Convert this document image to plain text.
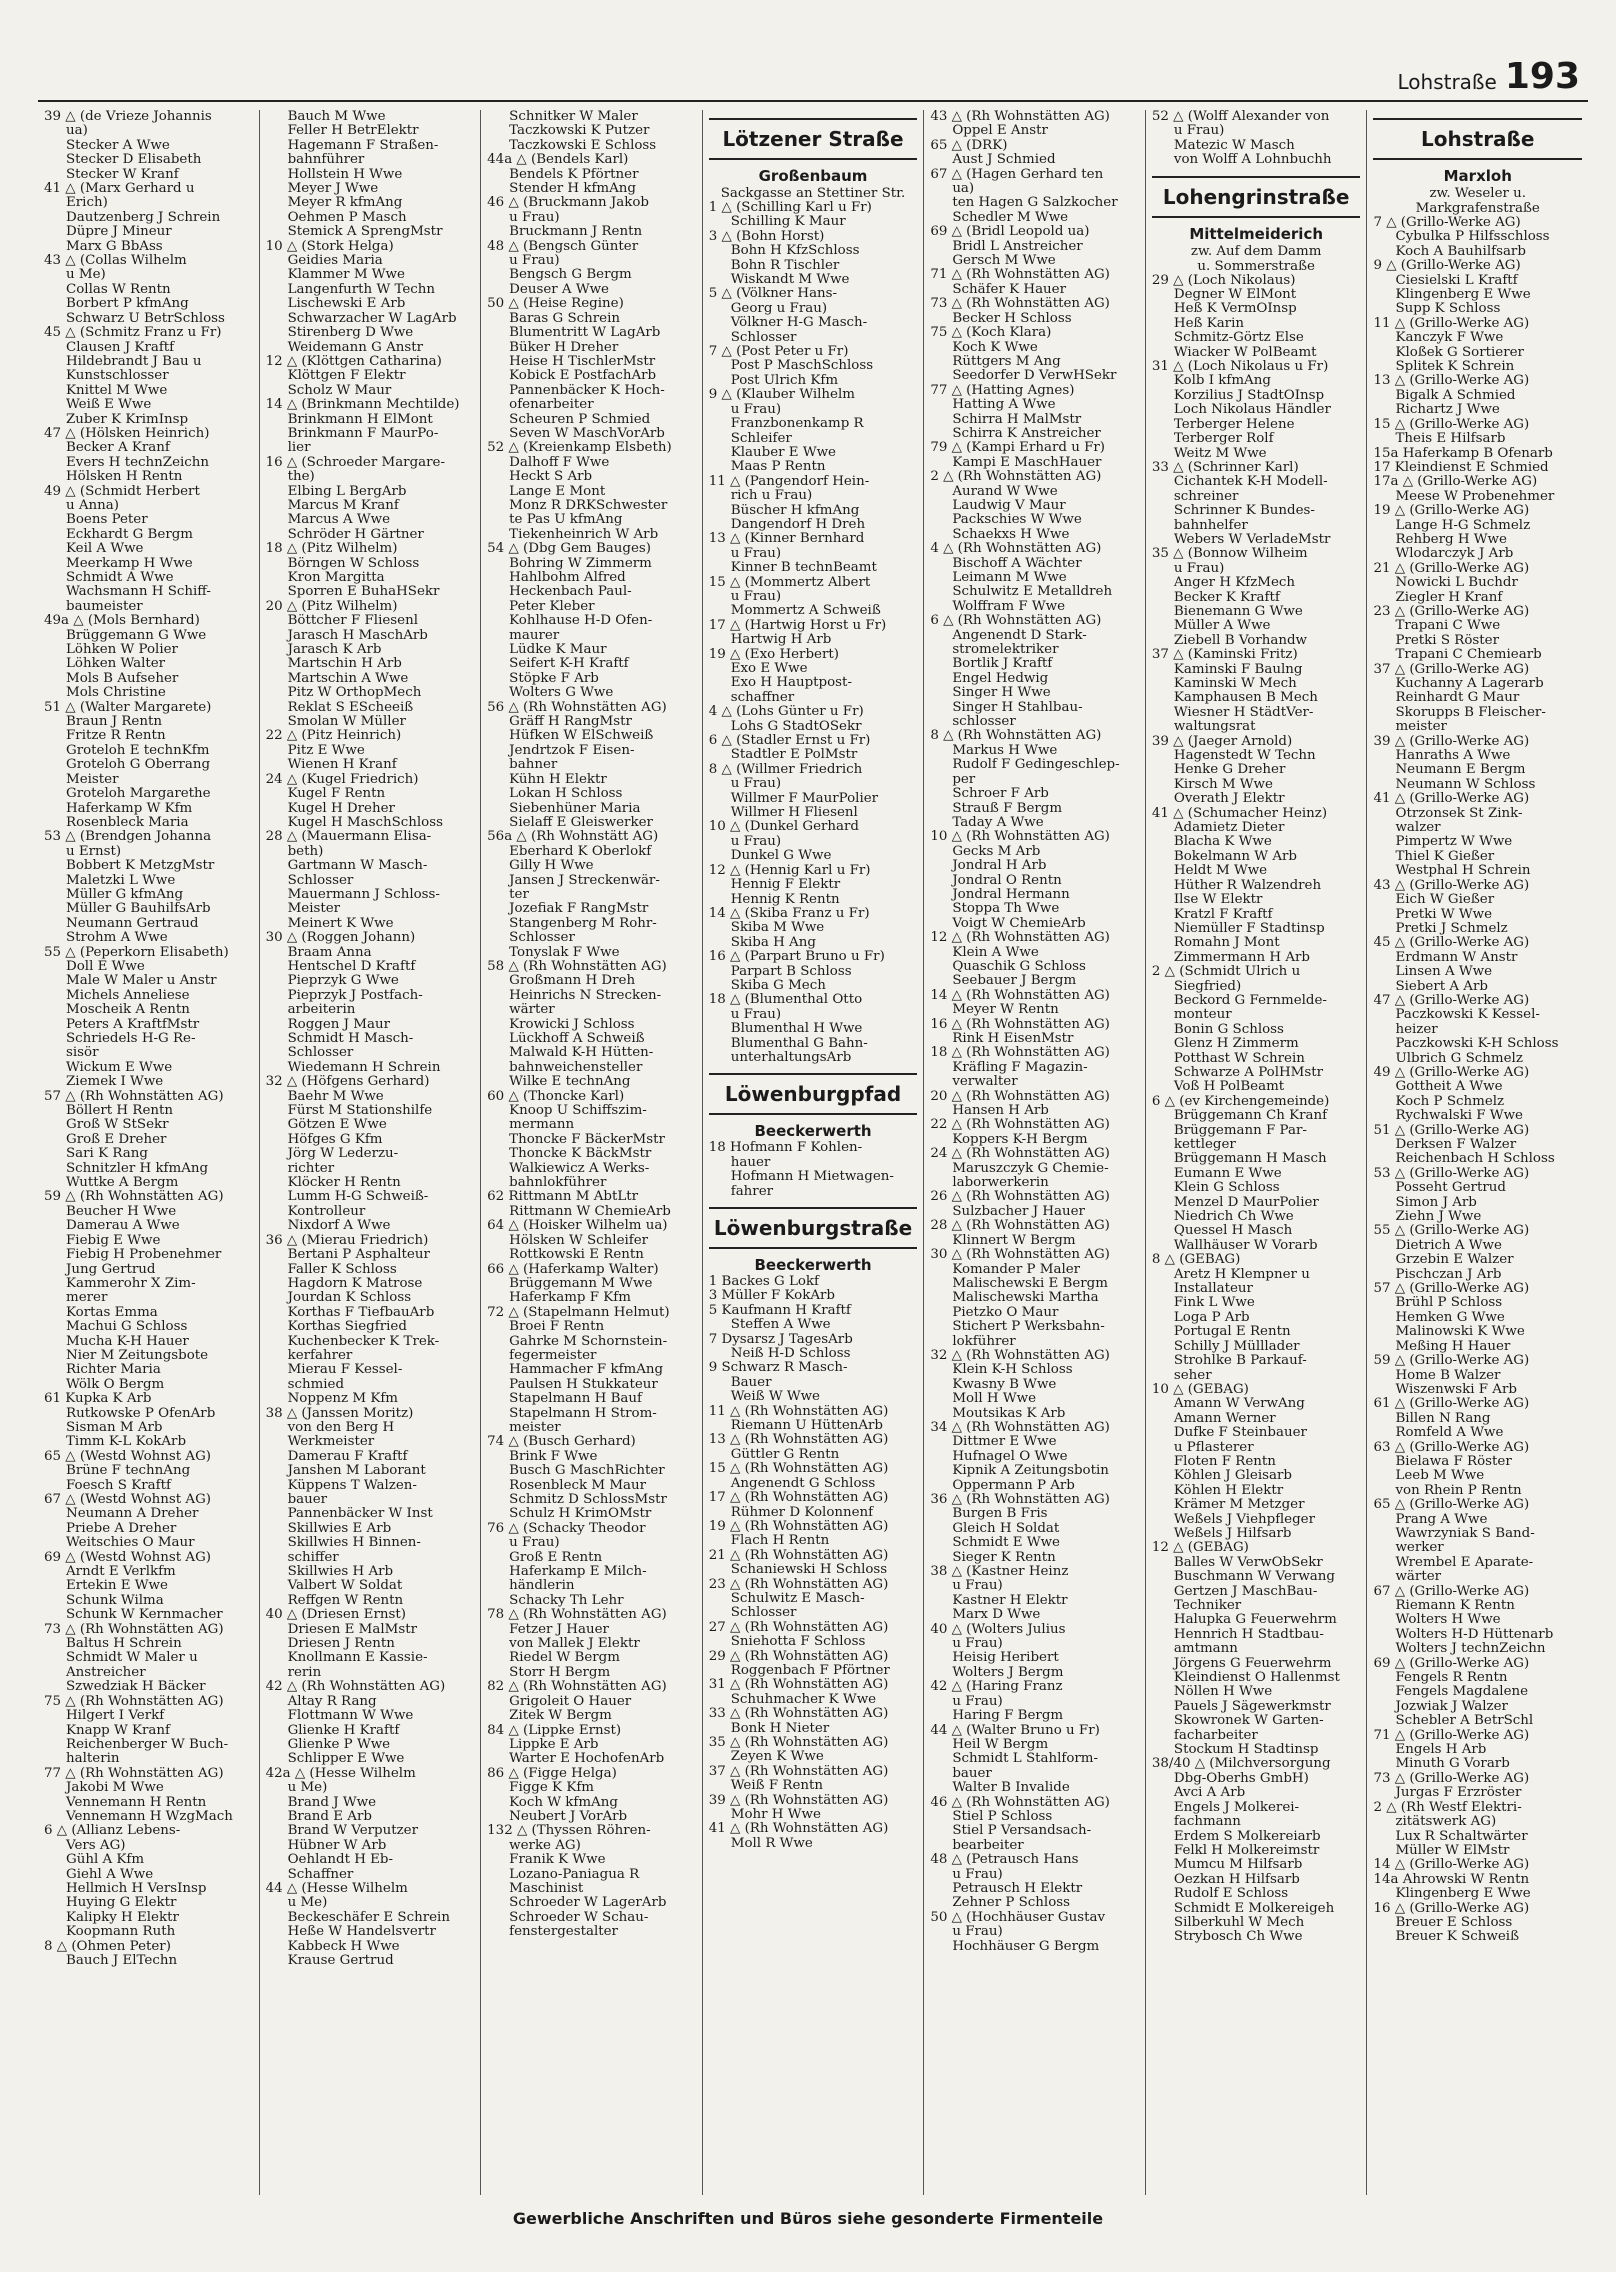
Lohstraße 193
39 △ (de Vrieze Johannis
ua)
Stecker A Wwe
Stecker D Elisabeth
Stecker W Kranf
41 △ (Marx Gerhard u
Erich)
Dautzenberg J Schrein
Düpre J Mineur
Marx G BbAss
43 △ (Collas Wilhelm
u Me)
Collas W Rentn
Borbert P kfmAng
Schwarz U BetrSchloss
45 △ (Schmitz Franz u Fr)
Clausen J Kraftf
Hildebrandt J Bau u
Kunstschlosser
Knittel M Wwe
Weiß E Wwe
Zuber K KrimInsp
47 △ (Hölsken Heinrich)
Becker A Kranf
Evers H technZeichn
Hölsken H Rentn
49 △ (Schmidt Herbert
u Anna)
Boens Peter
Eckhardt G Bergm
Keil A Wwe
Meerkamp H Wwe
Schmidt A Wwe
Wachsmann H Schiff-
baumeister
49a △ (Mols Bernhard)
Brüggemann G Wwe
Löhken W Polier
Löhken Walter
Mols B Aufseher
Mols Christine
51 △ (Walter Margarete)
Braun J Rentn
Fritze R Rentn
Groteloh E technKfm
Groteloh G Oberrang
Meister
Groteloh Margarethe
Haferkamp W Kfm
Rosenbleck Maria
53 △ (Brendgen Johanna
u Ernst)
Bobbert K MetzgMstr
Maletzki L Wwe
Müller G kfmAng
Müller G BauhilfsArb
Neumann Gertraud
Strohm A Wwe
55 △ (Peperkorn Elisabeth)
Doll E Wwe
Male W Maler u Anstr
Michels Anneliese
Moscheik A Rentn
Peters A KraftfMstr
Schriedels H-G Re-
sisör
Wickum E Wwe
Ziemek I Wwe
57 △ (Rh Wohnstätten AG)
Böllert H Rentn
Groß W StSekr
Groß E Dreher
Sari K Rang
Schnitzler H kfmAng
Wuttke A Bergm
59 △ (Rh Wohnstätten AG)
Beucher H Wwe
Damerau A Wwe
Fiebig E Wwe
Fiebig H Probenehmer
Jung Gertrud
Kammerohr X Zim-
merer
Kortas Emma
Machui G Schloss
Mucha K-H Hauer
Nier M Zeitungsbote
Richter Maria
Wölk O Bergm
61 Kupka K Arb
Rutkowske P OfenArb
Sisman M Arb
Timm K-L KokArb
65 △ (Westd Wohnst AG)
Brüne F technAng
Foesch S Kraftf
67 △ (Westd Wohnst AG)
Neumann A Dreher
Priebe A Dreher
Weitschies O Maur
69 △ (Westd Wohnst AG)
Arndt E Verlkfm
Ertekin E Wwe
Schunk Wilma
Schunk W Kernmacher
73 △ (Rh Wohnstätten AG)
Baltus H Schrein
Schmidt W Maler u
Anstreicher
Szwedziak H Bäcker
75 △ (Rh Wohnstätten AG)
Hilgert I Verkf
Knapp W Kranf
Reichenberger W Buch-
halterin
77 △ (Rh Wohnstätten AG)
Jakobi M Wwe
Vennemann H Rentn
Vennemann H WzgMach
6 △ (Allianz Lebens-
Vers AG)
Gühl A Kfm
Giehl A Wwe
Hellmich H VersInsp
Huying G Elektr
Kalipky H Elektr
Koopmann Ruth
8 △ (Ohmen Peter)
Bauch J ElTechn
Bauch M Wwe
Feller H BetrElektr
Hagemann F Straßen-
bahnführer
Hollstein H Wwe
Meyer J Wwe
Meyer R kfmAng
Oehmen P Masch
Stemick A SprengMstr
10 △ (Stork Helga)
Geidies Maria
Klammer M Wwe
Langenfurth W Techn
Lischewski E Arb
Schwarzacher W LagArb
Stirenberg D Wwe
Weidemann G Anstr
12 △ (Klöttgen Catharina)
Klöttgen F Elektr
Scholz W Maur
14 △ (Brinkmann Mechtilde)
Brinkmann H ElMont
Brinkmann F MaurPo-
lier
16 △ (Schroeder Margare-
the)
Elbing L BergArb
Marcus M Kranf
Marcus A Wwe
Schröder H Gärtner
18 △ (Pitz Wilhelm)
Börngen W Schloss
Kron Margitta
Sporren E BuhaHSekr
20 △ (Pitz Wilhelm)
Böttcher F Fliesenl
Jarasch H MaschArb
Jarasch K Arb
Martschin H Arb
Martschin A Wwe
Pitz W OrthopMech
Reklat S EScheeiß
Smolan W Müller
22 △ (Pitz Heinrich)
Pitz E Wwe
Wienen H Kranf
24 △ (Kugel Friedrich)
Kugel F Rentn
Kugel H Dreher
Kugel H MaschSchloss
28 △ (Mauermann Elisa-
beth)
Gartmann W Masch-
Schlosser
Mauermann J Schloss-
Meister
Meinert K Wwe
30 △ (Roggen Johann)
Braam Anna
Hentschel D Kraftf
Pieprzyk G Wwe
Pieprzyk J Postfach-
arbeiterin
Roggen J Maur
Schmidt H Masch-
Schlosser
Wiedemann H Schrein
32 △ (Höfgens Gerhard)
Baehr M Wwe
Fürst M Stationshilfe
Götzen E Wwe
Höfges G Kfm
Jörg W Lederzu-
richter
Klöcker H Rentn
Lumm H-G Schweiß-
Kontrolleur
Nixdorf A Wwe
36 △ (Mierau Friedrich)
Bertani P Asphalteur
Faller K Schloss
Hagdorn K Matrose
Jourdan K Schloss
Korthas F TiefbauArb
Korthas Siegfried
Kuchenbecker K Trek-
kerfahrer
Mierau F Kessel-
schmied
Noppenz M Kfm
38 △ (Janssen Moritz)
von den Berg H
Werkmeister
Damerau F Kraftf
Janshen M Laborant
Küppens T Walzen-
bauer
Pannenbäcker W Inst
Skillwies E Arb
Skillwies H Binnen-
schiffer
Skillwies H Arb
Valbert W Soldat
Reffgen W Rentn
40 △ (Driesen Ernst)
Driesen E MalMstr
Driesen J Rentn
Knollmann E Kassie-
rerin
42 △ (Rh Wohnstätten AG)
Altay R Rang
Flottmann W Wwe
Glienke H Kraftf
Glienke P Wwe
Schlipper E Wwe
42a △ (Hesse Wilhelm
u Me)
Brand J Wwe
Brand E Arb
Brand W Verputzer
Hübner W Arb
Oehlandt H Eb-
Schaffner
44 △ (Hesse Wilhelm
u Me)
Beckeschäfer E Schrein
Heße W Handelsvertr
Kabbeck H Wwe
Krause Gertrud
Schnitker W Maler
Taczkowski K Putzer
Taczkowski E Schloss
44a △ (Bendels Karl)
Bendels K Pförtner
Stender H kfmAng
46 △ (Bruckmann Jakob
u Frau)
Bruckmann J Rentn
48 △ (Bengsch Günter
u Frau)
Bengsch G Bergm
Deuser A Wwe
50 △ (Heise Regine)
Baras G Schrein
Blumentritt W LagArb
Büker H Dreher
Heise H TischlerMstr
Kobick E PostfachArb
Pannenbäcker K Hoch-
ofenarbeiter
Scheuren P Schmied
Seven W MaschVorArb
52 △ (Kreienkamp Elsbeth)
Dalhoff F Wwe
Heckt S Arb
Lange E Mont
Monz R DRKSchwester
te Pas U kfmAng
Tiekenheinrich W Arb
54 △ (Dbg Gem Bauges)
Bohring W Zimmerm
Hahlbohm Alfred
Heckenbach Paul-
Peter Kleber
Kohlhause H-D Ofen-
maurer
Lüdke K Maur
Seifert K-H Kraftf
Stöpke F Arb
Wolters G Wwe
56 △ (Rh Wohnstätten AG)
Gräff H RangMstr
Hüfken W ElSchweiß
Jendrtzok F Eisen-
bahner
Kühn H Elektr
Lokan H Schloss
Siebenhüner Maria
Sielaff E Gleiswerker
56a △ (Rh Wohnstätt AG)
Eberhard K Oberlokf
Gilly H Wwe
Jansen J Streckenwär-
ter
Jozefiak F RangMstr
Stangenberg M Rohr-
Schlosser
Tonyslak F Wwe
58 △ (Rh Wohnstätten AG)
Großmann H Dreh
Heinrichs N Strecken-
wärter
Krowicki J Schloss
Lückhoff A Schweiß
Malwald K-H Hütten-
bahnweichensteller
Wilke E technAng
60 △ (Thoncke Karl)
Knoop U Schiffszim-
mermann
Thoncke F BäckerMstr
Thoncke K BäckMstr
Walkiewicz A Werks-
bahnlokführer
62 Rittmann M AbtLtr
Rittmann W ChemieArb
64 △ (Hoisker Wilhelm ua)
Hölsken W Schleifer
Rottkowski E Rentn
66 △ (Haferkamp Walter)
Brüggemann M Wwe
Haferkamp F Kfm
72 △ (Stapelmann Helmut)
Broei F Rentn
Gahrke M Schornstein-
fegermeister
Hammacher F kfmAng
Paulsen H Stukkateur
Stapelmann H Bauf
Stapelmann H Strom-
meister
74 △ (Busch Gerhard)
Brink F Wwe
Busch G MaschRichter
Rosenbleck M Maur
Schmitz D SchlossMstr
Schulz H KrimOMstr
76 △ (Schacky Theodor
u Frau)
Groß E Rentn
Haferkamp E Milch-
händlerin
Schacky Th Lehr
78 △ (Rh Wohnstätten AG)
Fetzer J Hauer
von Mallek J Elektr
Riedel W Bergm
Storr H Bergm
82 △ (Rh Wohnstätten AG)
Grigoleit O Hauer
Zitek W Bergm
84 △ (Lippke Ernst)
Lippke E Arb
Warter E HochofenArb
86 △ (Figge Helga)
Figge K Kfm
Koch W kfmAng
Neubert J VorArb
132 △ (Thyssen Röhren-
werke AG)
Franik K Wwe
Lozano-Paniagua R
Maschinist
Schroeder W LagerArb
Schroeder W Schau-
fenstergestalter
Lötzener Straße
Großenbaum
Sackgasse an Stettiner Str.
1 △ (Schilling Karl u Fr)
Schilling K Maur
3 △ (Bohn Horst)
Bohn H KfzSchloss
Bohn R Tischler
Wiskandt M Wwe
5 △ (Völkner Hans-
Georg u Frau)
Völkner H-G Masch-
Schlosser
7 △ (Post Peter u Fr)
Post P MaschSchloss
Post Ulrich Kfm
9 △ (Klauber Wilhelm
u Frau)
Franzbonenkamp R
Schleifer
Klauber E Wwe
Maas P Rentn
11 △ (Pangendorf Hein-
rich u Frau)
Büscher H kfmAng
Dangendorf H Dreh
13 △ (Kinner Bernhard
u Frau)
Kinner B technBeamt
15 △ (Mommertz Albert
u Frau)
Mommertz A Schweiß
17 △ (Hartwig Horst u Fr)
Hartwig H Arb
19 △ (Exo Herbert)
Exo E Wwe
Exo H Hauptpost-
schaffner
4 △ (Lohs Günter u Fr)
Lohs G StadtOSekr
6 △ (Stadler Ernst u Fr)
Stadtler E PolMstr
8 △ (Willmer Friedrich
u Frau)
Willmer F MaurPolier
Willmer H Fliesenl
10 △ (Dunkel Gerhard
u Frau)
Dunkel G Wwe
12 △ (Hennig Karl u Fr)
Hennig F Elektr
Hennig K Rentn
14 △ (Skiba Franz u Fr)
Skiba M Wwe
Skiba H Ang
16 △ (Parpart Bruno u Fr)
Parpart B Schloss
Skiba G Mech
18 △ (Blumenthal Otto
u Frau)
Blumenthal H Wwe
Blumenthal G Bahn-
unterhaltungsArb
Löwenburgpfad
Beeckerwerth
18 Hofmann F Kohlen-
hauer
Hofmann H Mietwagen-
fahrer
Löwenburgstraße
Beeckerwerth
1 Backes G Lokf
3 Müller F KokArb
5 Kaufmann H Kraftf
Steffen A Wwe
7 Dysarsz J TagesArb
Neiß H-D Schloss
9 Schwarz R Masch-
Bauer
Weiß W Wwe
11 △ (Rh Wohnstätten AG)
Riemann U HüttenArb
13 △ (Rh Wohnstätten AG)
Güttler G Rentn
15 △ (Rh Wohnstätten AG)
Angenendt G Schloss
17 △ (Rh Wohnstätten AG)
Rühmer D Kolonnenf
19 △ (Rh Wohnstätten AG)
Flach H Rentn
21 △ (Rh Wohnstätten AG)
Schaniewski H Schloss
23 △ (Rh Wohnstätten AG)
Schulwitz E Masch-
Schlosser
27 △ (Rh Wohnstätten AG)
Sniehotta F Schloss
29 △ (Rh Wohnstätten AG)
Roggenbach F Pförtner
31 △ (Rh Wohnstätten AG)
Schuhmacher K Wwe
33 △ (Rh Wohnstätten AG)
Bonk H Nieter
35 △ (Rh Wohnstätten AG)
Zeyen K Wwe
37 △ (Rh Wohnstätten AG)
Weiß F Rentn
39 △ (Rh Wohnstätten AG)
Mohr H Wwe
41 △ (Rh Wohnstätten AG)
Moll R Wwe
43 △ (Rh Wohnstätten AG)
Oppel E Anstr
65 △ (DRK)
Aust J Schmied
67 △ (Hagen Gerhard ten
ua)
ten Hagen G Salzkocher
Schedler M Wwe
69 △ (Bridl Leopold ua)
Bridl L Anstreicher
Gersch M Wwe
71 △ (Rh Wohnstätten AG)
Schäfer K Hauer
73 △ (Rh Wohnstätten AG)
Becker H Schloss
75 △ (Koch Klara)
Koch K Wwe
Rüttgers M Ang
Seedorfer D VerwHSekr
77 △ (Hatting Agnes)
Hatting A Wwe
Schirra H MalMstr
Schirra K Anstreicher
79 △ (Kampi Erhard u Fr)
Kampi E MaschHauer
2 △ (Rh Wohnstätten AG)
Aurand W Wwe
Laudwig V Maur
Packschies W Wwe
Schaekxs H Wwe
4 △ (Rh Wohnstätten AG)
Bischoff A Wächter
Leimann M Wwe
Schulwitz E Metalldreh
Wolffram F Wwe
6 △ (Rh Wohnstätten AG)
Angenendt D Stark-
stromelektriker
Bortlik J Kraftf
Engel Hedwig
Singer H Wwe
Singer H Stahlbau-
schlosser
8 △ (Rh Wohnstätten AG)
Markus H Wwe
Rudolf F Gedingeschlep-
per
Schroer F Arb
Strauß F Bergm
Taday A Wwe
10 △ (Rh Wohnstätten AG)
Gecks M Arb
Jondral H Arb
Jondral O Rentn
Jondral Hermann
Stoppa Th Wwe
Voigt W ChemieArb
12 △ (Rh Wohnstätten AG)
Klein A Wwe
Quaschik G Schloss
Seebauer J Bergm
14 △ (Rh Wohnstätten AG)
Meyer W Rentn
16 △ (Rh Wohnstätten AG)
Rink H EisenMstr
18 △ (Rh Wohnstätten AG)
Kräfling F Magazin-
verwalter
20 △ (Rh Wohnstätten AG)
Hansen H Arb
22 △ (Rh Wohnstätten AG)
Koppers K-H Bergm
24 △ (Rh Wohnstätten AG)
Maruszczyk G Chemie-
laborwerkerin
26 △ (Rh Wohnstätten AG)
Sulzbacher J Hauer
28 △ (Rh Wohnstätten AG)
Klinnert W Bergm
30 △ (Rh Wohnstätten AG)
Komander P Maler
Malischewski E Bergm
Malischewski Martha
Pietzko O Maur
Stichert P Werksbahn-
lokführer
32 △ (Rh Wohnstätten AG)
Klein K-H Schloss
Kwasny B Wwe
Moll H Wwe
Moutsikas K Arb
34 △ (Rh Wohnstätten AG)
Dittmer E Wwe
Hufnagel O Wwe
Kipnik A Zeitungsbotin
Oppermann P Arb
36 △ (Rh Wohnstätten AG)
Burgen B Fris
Gleich H Soldat
Schmidt E Wwe
Sieger K Rentn
38 △ (Kastner Heinz
u Frau)
Kastner H Elektr
Marx D Wwe
40 △ (Wolters Julius
u Frau)
Heisig Heribert
Wolters J Bergm
42 △ (Haring Franz
u Frau)
Haring F Bergm
44 △ (Walter Bruno u Fr)
Heil W Bergm
Schmidt L Stahlform-
bauer
Walter B Invalide
46 △ (Rh Wohnstätten AG)
Stiel P Schloss
Stiel P Versandsach-
bearbeiter
48 △ (Petrausch Hans
u Frau)
Petrausch H Elektr
Zehner P Schloss
50 △ (Hochhäuser Gustav
u Frau)
Hochhäuser G Bergm
52 △ (Wolff Alexander von
u Frau)
Matezic W Masch
von Wolff A Lohnbuchh
Lohengrinstraße
Mittelmeiderich
zw. Auf dem Damm
u. Sommerstraße
29 △ (Loch Nikolaus)
Degner W ElMont
Heß K VermOInsp
Heß Karin
Schmitz-Görtz Else
Wiacker W PolBeamt
31 △ (Loch Nikolaus u Fr)
Kolb I kfmAng
Korzilius J StadtOInsp
Loch Nikolaus Händler
Terberger Helene
Terberger Rolf
Weitz M Wwe
33 △ (Schrinner Karl)
Cichantek K-H Modell-
schreiner
Schrinner K Bundes-
bahnhelfer
Webers W VerladeMstr
35 △ (Bonnow Wilheim
u Frau)
Anger H KfzMech
Becker K Kraftf
Bienemann G Wwe
Müller A Wwe
Ziebell B Vorhandw
37 △ (Kaminski Fritz)
Kaminski F Baulng
Kaminski W Mech
Kamphausen B Mech
Wiesner H StädtVer-
waltungsrat
39 △ (Jaeger Arnold)
Hagenstedt W Techn
Henke G Dreher
Kirsch M Wwe
Overath J Elektr
41 △ (Schumacher Heinz)
Adamietz Dieter
Blacha K Wwe
Bokelmann W Arb
Heldt M Wwe
Hüther R Walzendreh
Ilse W Elektr
Kratzl F Kraftf
Niemüller F Stadtinsp
Romahn J Mont
Zimmermann H Arb
2 △ (Schmidt Ulrich u
Siegfried)
Beckord G Fernmelde-
monteur
Bonin G Schloss
Glenz H Zimmerm
Potthast W Schrein
Schwarze A PolHMstr
Voß H PolBeamt
6 △ (ev Kirchengemeinde)
Brüggemann Ch Kranf
Brüggemann F Par-
kettleger
Brüggemann H Masch
Eumann E Wwe
Klein G Schloss
Menzel D MaurPolier
Niedrich Ch Wwe
Quessel H Masch
Wallhäuser W Vorarb
8 △ (GEBAG)
Aretz H Klempner u
Installateur
Fink L Wwe
Loga P Arb
Portugal E Rentn
Schilly J Mülllader
Strohlke B Parkauf-
seher
10 △ (GEBAG)
Amann W VerwAng
Amann Werner
Dufke F Steinbauer
u Pflasterer
Floten F Rentn
Köhlen J Gleisarb
Köhlen H Elektr
Krämer M Metzger
Weßels J Viehpfleger
Weßels J Hilfsarb
12 △ (GEBAG)
Balles W VerwObSekr
Buschmann W Verwang
Gertzen J MaschBau-
Techniker
Halupka G Feuerwehrm
Hennrich H Stadtbau-
amtmann
Jörgens G Feuerwehrm
Kleindienst O Hallenmst
Nöllen H Wwe
Pauels J Sägewerkmstr
Skowronek W Garten-
facharbeiter
Stockum H Stadtinsp
38/40 △ (Milchversorgung
Dbg-Oberhs GmbH)
Avci A Arb
Engels J Molkerei-
fachmann
Erdem S Molkereiarb
Felkl H Molkereimstr
Mumcu M Hilfsarb
Oezkan H Hilfsarb
Rudolf E Schloss
Schmidt E Molkereigeh
Silberkuhl W Mech
Strybosch Ch Wwe
Lohstraße
Marxloh
zw. Weseler u.
Markgrafenstraße
7 △ (Grillo-Werke AG)
Cybulka P Hilfsschloss
Koch A Bauhilfsarb
9 △ (Grillo-Werke AG)
Ciesielski L Kraftf
Klingenberg E Wwe
Supp K Schloss
11 △ (Grillo-Werke AG)
Kanczyk F Wwe
Kloßek G Sortierer
Splitek K Schrein
13 △ (Grillo-Werke AG)
Bigalk A Schmied
Richartz J Wwe
15 △ (Grillo-Werke AG)
Theis E Hilfsarb
15a Haferkamp B Ofenarb
17 Kleindienst E Schmied
17a △ (Grillo-Werke AG)
Meese W Probenehmer
19 △ (Grillo-Werke AG)
Lange H-G Schmelz
Rehberg H Wwe
Wlodarczyk J Arb
21 △ (Grillo-Werke AG)
Nowicki L Buchdr
Ziegler H Kranf
23 △ (Grillo-Werke AG)
Trapani C Wwe
Pretki S Röster
Trapani C Chemiearb
37 △ (Grillo-Werke AG)
Kuchanny A Lagerarb
Reinhardt G Maur
Skorupps B Fleischer-
meister
39 △ (Grillo-Werke AG)
Hanraths A Wwe
Neumann E Bergm
Neumann W Schloss
41 △ (Grillo-Werke AG)
Otrzonsek St Zink-
walzer
Pimpertz W Wwe
Thiel K Gießer
Westphal H Schrein
43 △ (Grillo-Werke AG)
Eich W Gießer
Pretki W Wwe
Pretki J Schmelz
45 △ (Grillo-Werke AG)
Erdmann W Anstr
Linsen A Wwe
Siebert A Arb
47 △ (Grillo-Werke AG)
Paczkowski K Kessel-
heizer
Paczkowski K-H Schloss
Ulbrich G Schmelz
49 △ (Grillo-Werke AG)
Gottheit A Wwe
Koch P Schmelz
Rychwalski F Wwe
51 △ (Grillo-Werke AG)
Derksen F Walzer
Reichenbach H Schloss
53 △ (Grillo-Werke AG)
Posseht Gertrud
Simon J Arb
Ziehn J Wwe
55 △ (Grillo-Werke AG)
Dietrich A Wwe
Grzebin E Walzer
Pischczan J Arb
57 △ (Grillo-Werke AG)
Brühl P Schloss
Hemken G Wwe
Malinowski K Wwe
Meßing H Hauer
59 △ (Grillo-Werke AG)
Home B Walzer
Wiszenwski F Arb
61 △ (Grillo-Werke AG)
Billen N Rang
Romfeld A Wwe
63 △ (Grillo-Werke AG)
Bielawa F Röster
Leeb M Wwe
von Rhein P Rentn
65 △ (Grillo-Werke AG)
Prang A Wwe
Wawrzyniak S Band-
werker
Wrembel E Aparate-
wärter
67 △ (Grillo-Werke AG)
Riemann K Rentn
Wolters H Wwe
Wolters H-D Hüttenarb
Wolters J technZeichn
69 △ (Grillo-Werke AG)
Fengels R Rentn
Fengels Magdalene
Jozwiak J Walzer
Schebler A BetrSchl
71 △ (Grillo-Werke AG)
Engels H Arb
Minuth G Vorarb
73 △ (Grillo-Werke AG)
Jurgas F Erzröster
2 △ (Rh Westf Elektri-
zitätswerk AG)
Lux R Schaltwärter
Müller W ElMstr
14 △ (Grillo-Werke AG)
14a Ahrowski W Rentn
Klingenberg E Wwe
16 △ (Grillo-Werke AG)
Breuer E Schloss
Breuer K Schweiß
Gewerbliche Anschriften und Büros siehe gesonderte Firmenteile
